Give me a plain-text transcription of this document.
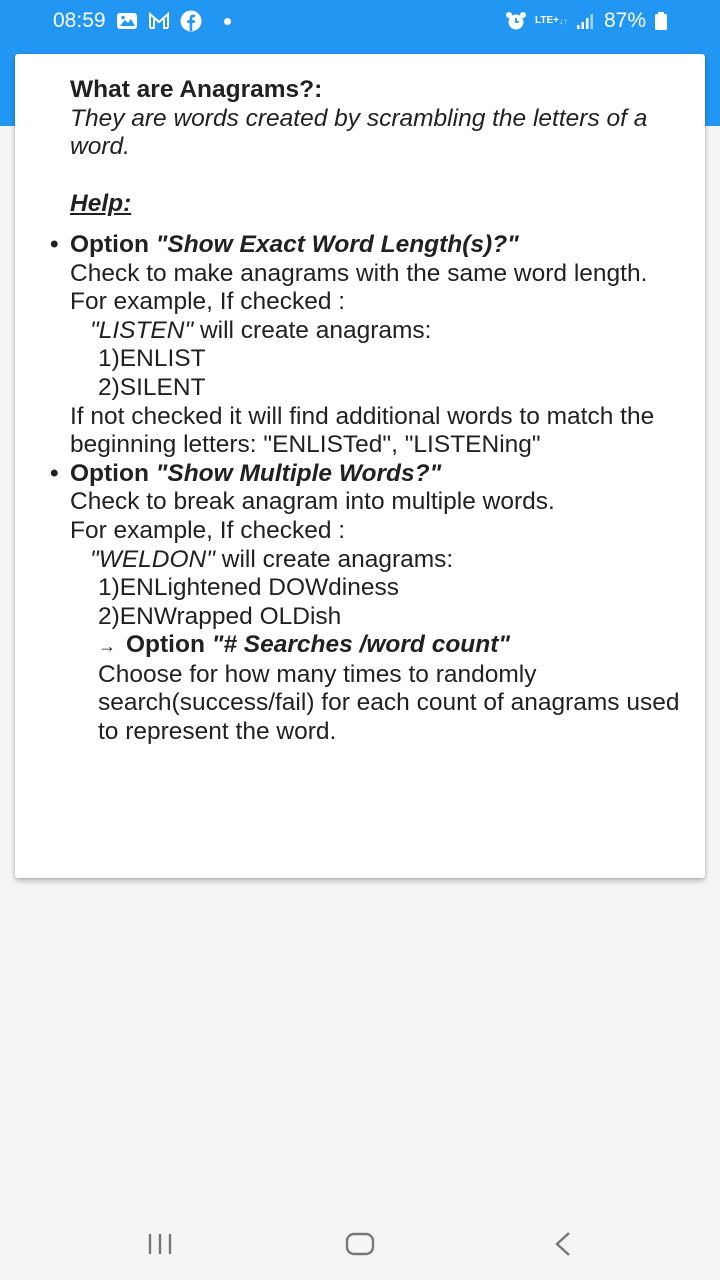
08:59	LTE+ ↓↑ 87%
What are Anagrams?:
They are words created by scrambling the letters of a word.
Help:
• Option "Show Exact Word Length(s)?"
Check to make anagrams with the same word length.
For example, If checked :
"LISTEN" will create anagrams:
1)ENLIST
2)SILENT
If not checked it will find additional words to match the beginning letters: "ENLISTed", "LISTENing"
• Option "Show Multiple Words?"
Check to break anagram into multiple words.
For example, If checked :
"WELDON" will create anagrams:
1)ENLightened DOWdiness
2)ENWrapped OLDish
→ Option "# Searches /word count"
Choose for how many times to randomly search(success/fail) for each count of anagrams used to represent the word.
